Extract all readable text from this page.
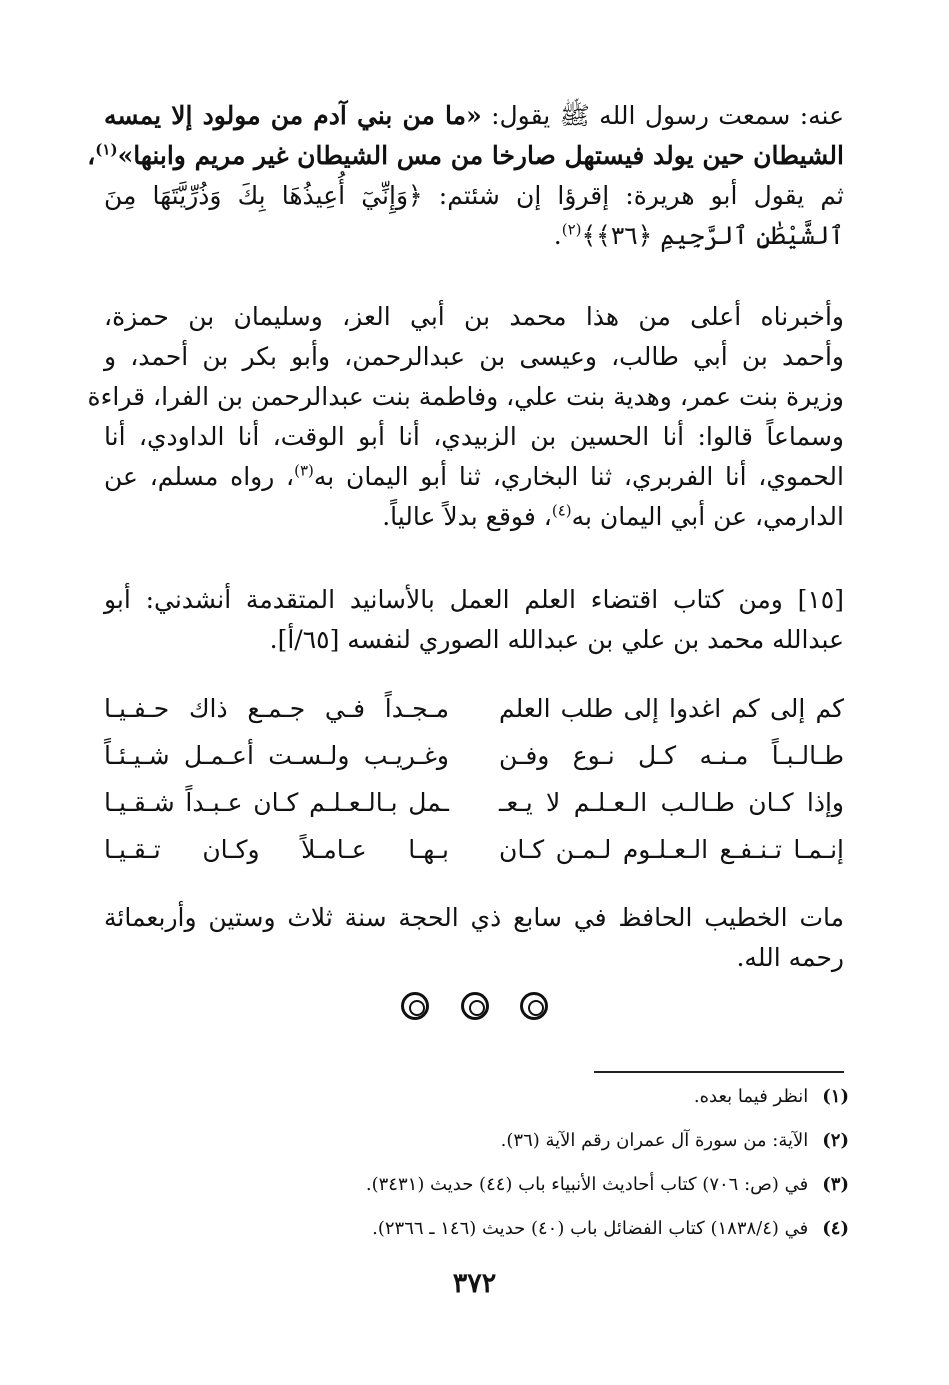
عنه: سمعت رسول الله ﷺ يقول: «ما من بني آدم من مولود إلا يمسه
الشيطان حين يولد فيستهل صارخا من مس الشيطان غير مريم وابنها»$^{(١)}$،
ثم يقول أبو هريرة: إقرؤا إن شئتم: ﴿وَإِنِّيٓ أُعِيذُهَا بِكَ وَذُرِّيَّتَهَا مِنَ
ٱلشَّيْطَٰنِ ٱلرَّجِيمِ ﴿٣٦﴾﴾$^{(٢)}$.
وأخبرناه أعلى من هذا محمد بن أبي العز، وسليمان بن حمزة،
وأحمد بن أبي طالب، وعيسى بن عبدالرحمن، وأبو بكر بن أحمد، و
وزيرة بنت عمر، وهدية بنت علي، وفاطمة بنت عبدالرحمن بن الفرا، قراءة
وسماعاً قالوا: أنا الحسين بن الزبيدي، أنا أبو الوقت، أنا الداودي، أنا
الحموي، أنا الفربري، ثنا البخاري، ثنا أبو اليمان به$^{(٣)}$، رواه مسلم، عن
الدارمي، عن أبي اليمان به$^{(٤)}$، فوقع بدلاً عالياً.
[١٥] ومن كتاب اقتضاء العلم العمل بالأسانيد المتقدمة أنشدني: أبو
عبدالله محمد بن علي بن عبدالله الصوري لنفسه [٦٥/أ].
كم إلى كم اغدوا إلى طلب العلم
مـجـداً فـي جـمـع ذاك حـفـيـا
طـالـبـاً مـنـه كـل نـوع وفـن
وغـريـب ولـسـت أعـمـل شـيـئـاً
وإذا كـان طـالـب الـعـلـم لا يـعـ
ـمل بـالـعـلـم كـان عـبـداً شـقـيـا
إنـمـا تـنـفـع الـعـلـوم لـمـن كـان
بـهـا عـامـلاً وكـان تـقـيـا
مات الخطيب الحافظ في سابع ذي الحجة سنة ثلاث وستين وأربعمائة
رحمه الله.

(١)انظر فيما بعده.
(٢)الآية: من سورة آل عمران رقم الآية (٣٦).
(٣)في (ص: ٧٠٦) كتاب أحاديث الأنبياء باب (٤٤) حديث (٣٤٣١).
(٤)في (١٨٣٨/٤) كتاب الفضائل باب (٤٠) حديث (١٤٦ ـ ٢٣٦٦).
٣٧٢
